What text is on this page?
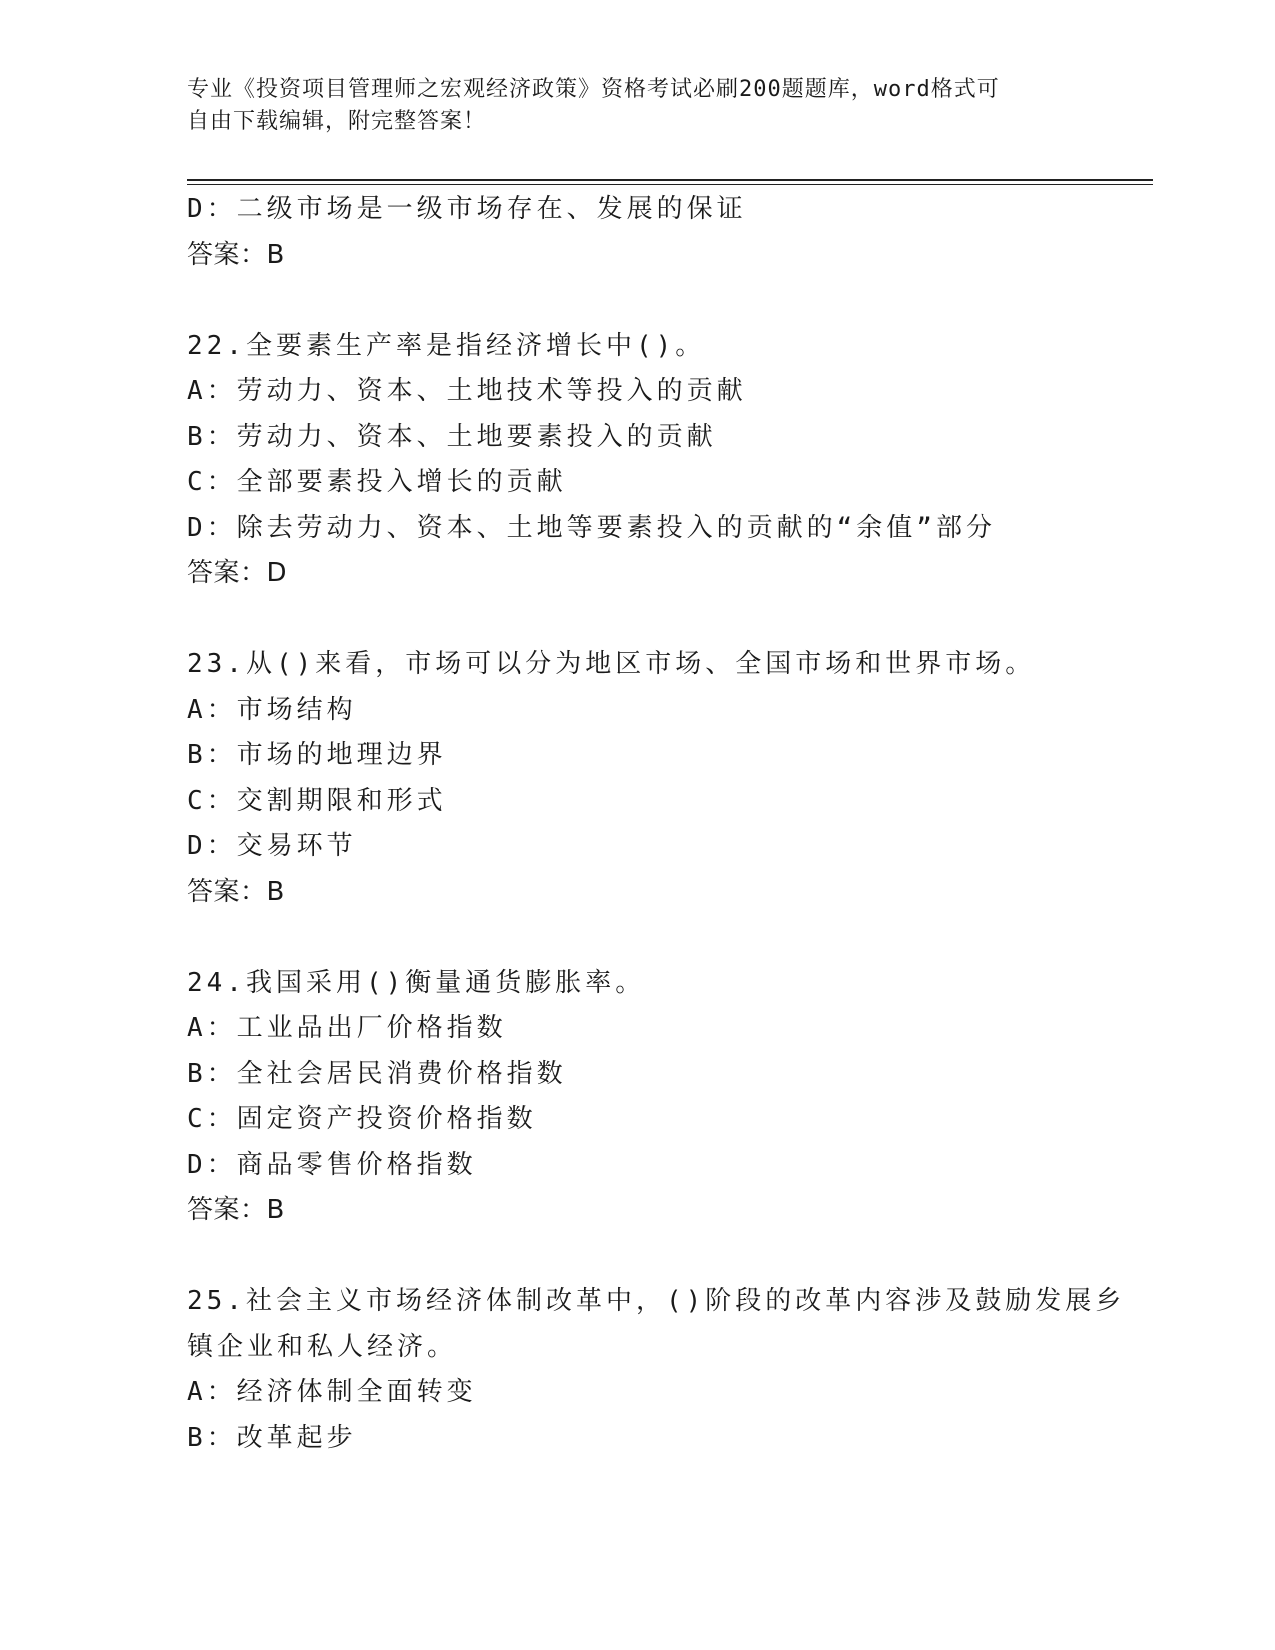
专业《投资项目管理师之宏观经济政策》资格考试必刷200题题库，word格式可
自由下载编辑，附完整答案！
D：二级市场是一级市场存在、发展的保证
答案：B
22.全要素生产率是指经济增长中()。
A：劳动力、资本、土地技术等投入的贡献
B：劳动力、资本、土地要素投入的贡献
C：全部要素投入增长的贡献
D：除去劳动力、资本、土地等要素投入的贡献的“余值”部分
答案：D
23.从()来看，市场可以分为地区市场、全国市场和世界市场。
A：市场结构
B：市场的地理边界
C：交割期限和形式
D：交易环节
答案：B
24.我国采用()衡量通货膨胀率。
A：工业品出厂价格指数
B：全社会居民消费价格指数
C：固定资产投资价格指数
D：商品零售价格指数
答案：B
25.社会主义市场经济体制改革中，()阶段的改革内容涉及鼓励发展乡
镇企业和私人经济。
A：经济体制全面转变
B：改革起步
